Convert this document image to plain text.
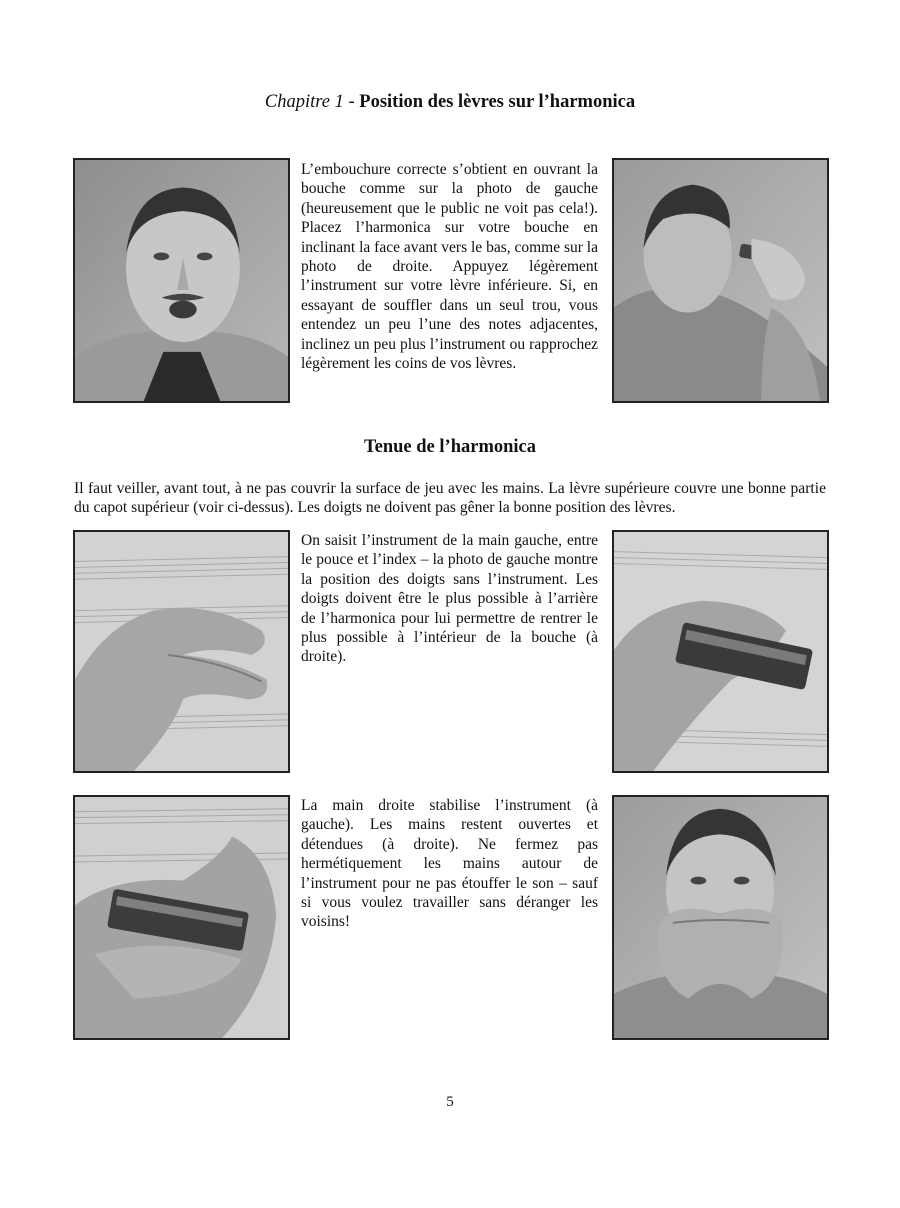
Chapitre 1 - Position des lèvres sur l’harmonica

L’embouchure correcte s’obtient en ouvrant la bouche comme sur la photo de gauche (heureusement que le public ne voit pas cela!). Placez l’harmonica sur votre bouche en inclinant la face avant vers le bas, comme sur la photo de droite. Appuyez légèrement l’instrument sur votre lèvre inférieure. Si, en essayant de souffler dans un seul trou, vous entendez un peu l’une des notes adjacentes, inclinez un peu plus l’instrument ou rapprochez légèrement les coins de vos lèvres.

Tenue de l’harmonica

Il faut veiller, avant tout, à ne pas couvrir la surface de jeu avec les mains. La lèvre supérieure couvre une bonne partie du capot supérieur (voir ci-dessus). Les doigts ne doivent pas gêner la bonne position des lèvres.

On saisit l’instrument de la main gauche, entre le pouce et l’index – la photo de gauche montre la position des doigts sans l’instrument. Les doigts doivent être le plus possible à l’arrière de l’harmonica pour lui permettre de rentrer le plus possible à l’intérieur de la bouche (à droite).

La main droite stabilise l’instrument (à gauche). Les mains restent ouvertes et détendues (à droite). Ne fermez pas hermétiquement les mains autour de l’instrument pour ne pas étouffer le son – sauf si vous voulez travailler sans déranger les voisins!

5
